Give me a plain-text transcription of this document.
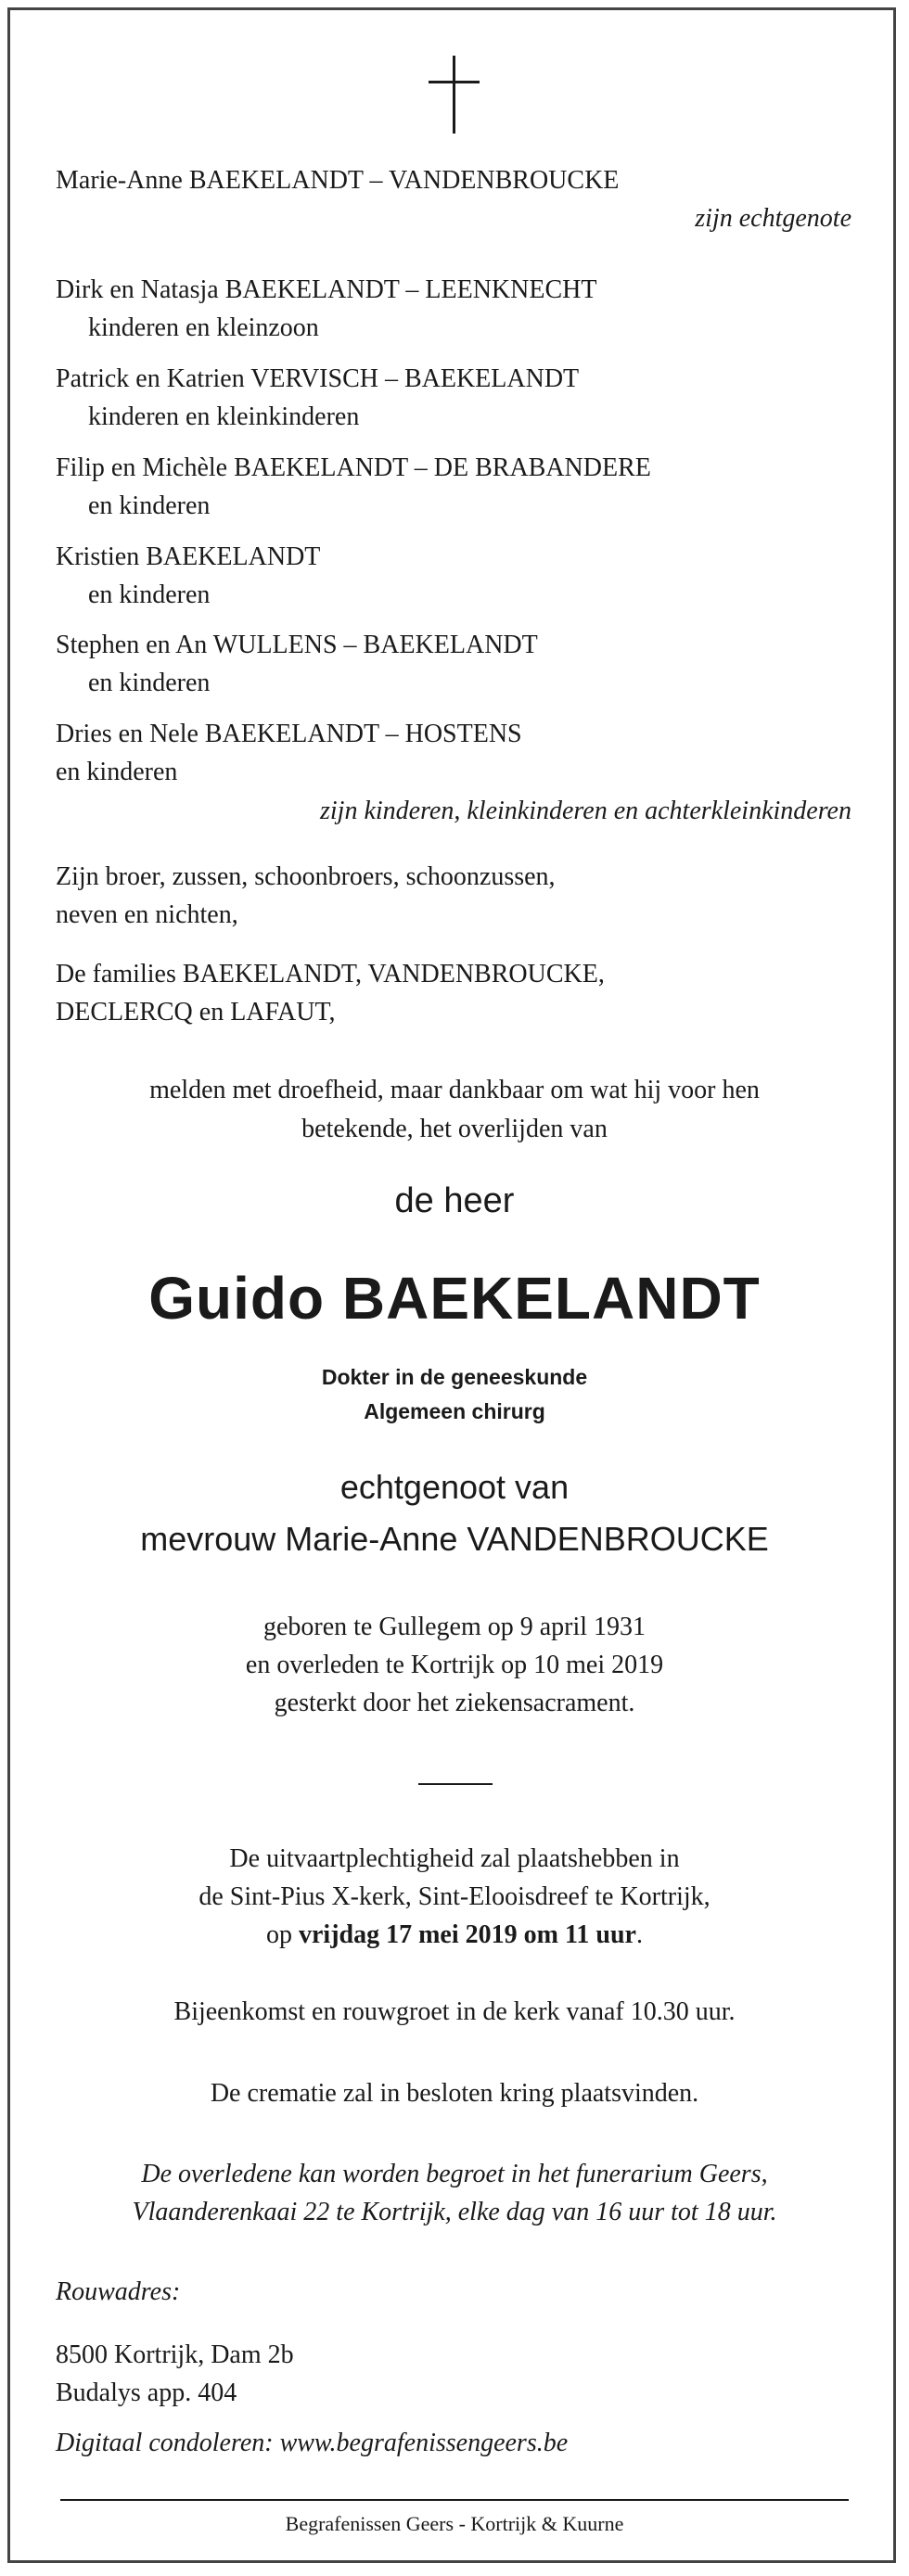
Marie-Anne BAEKELANDT – VANDENBROUCKE
zijn echtgenote
Dirk en Natasja BAEKELANDT – LEENKNECHT
kinderen en kleinzoon
Patrick en Katrien VERVISCH – BAEKELANDT
kinderen en kleinkinderen
Filip en Michèle BAEKELANDT – DE BRABANDERE
en kinderen
Kristien BAEKELANDT
en kinderen
Stephen en An WULLENS – BAEKELANDT
en kinderen
Dries en Nele BAEKELANDT – HOSTENS
en kinderen
zijn kinderen, kleinkinderen en achterkleinkinderen
Zijn broer, zussen, schoonbroers, schoonzussen,
neven en nichten,
De families BAEKELANDT, VANDENBROUCKE,
DECLERCQ en LAFAUT,
melden met droefheid, maar dankbaar om wat hij voor hen
betekende, het overlijden van
de heer
Guido BAEKELANDT
Dokter in de geneeskunde
Algemeen chirurg
echtgenoot van
mevrouw Marie-Anne VANDENBROUCKE
geboren te Gullegem op 9 april 1931
en overleden te Kortrijk op 10 mei 2019
gesterkt door het ziekensacrament.
De uitvaartplechtigheid zal plaatshebben in
de Sint-Pius X-kerk, Sint-Elooisdreef te Kortrijk,
op vrijdag 17 mei 2019 om 11 uur.
Bijeenkomst en rouwgroet in de kerk vanaf 10.30 uur.
De crematie zal in besloten kring plaatsvinden.
De overledene kan worden begroet in het funerarium Geers,
Vlaanderenkaai 22 te Kortrijk, elke dag van 16 uur tot 18 uur.
Rouwadres:
8500 Kortrijk, Dam 2b
Budalys app. 404
Digitaal condoleren: www.begrafenissengeers.be
Begrafenissen Geers - Kortrijk & Kuurne
